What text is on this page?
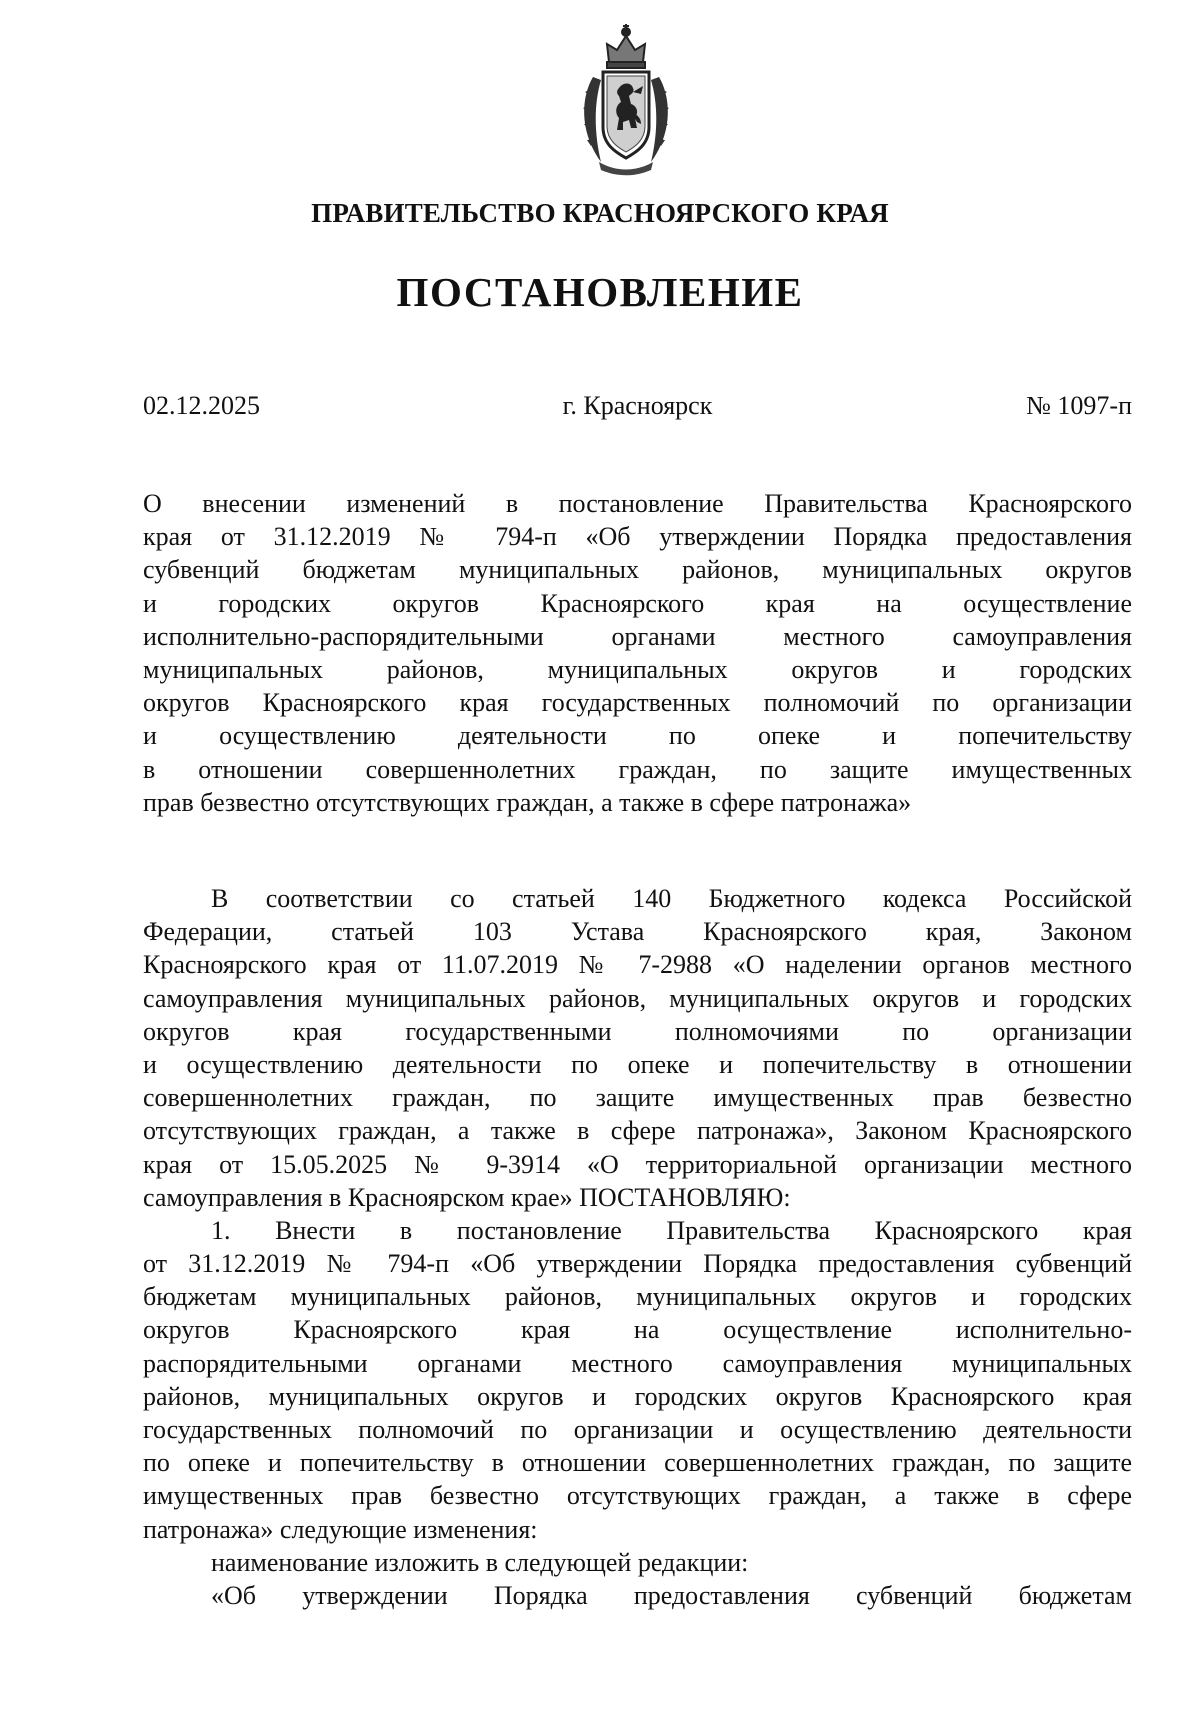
ПРАВИТЕЛЬСТВО КРАСНОЯРСКОГО КРАЯ
ПОСТАНОВЛЕНИЕ
02.12.2025	г. Красноярск	№ 1097-п
О внесении изменений в постановление Правительства Красноярского
края от 31.12.2019 № 794-п «Об утверждении Порядка предоставления
субвенций бюджетам муниципальных районов, муниципальных округов
и городских округов Красноярского края на осуществление
исполнительно-распорядительными органами местного самоуправления
муниципальных районов, муниципальных округов и городских
округов Красноярского края государственных полномочий по организации
и осуществлению деятельности по опеке и попечительству
в отношении совершеннолетних граждан, по защите имущественных
прав безвестно отсутствующих граждан, а также в сфере патронажа»
В соответствии со статьей 140 Бюджетного кодекса Российской
Федерации, статьей 103 Устава Красноярского края, Законом
Красноярского края от 11.07.2019 № 7-2988 «О наделении органов местного
самоуправления муниципальных районов, муниципальных округов и городских
округов края государственными полномочиями по организации
и осуществлению деятельности по опеке и попечительству в отношении
совершеннолетних граждан, по защите имущественных прав безвестно
отсутствующих граждан, а также в сфере патронажа», Законом Красноярского
края от 15.05.2025 № 9-3914 «О территориальной организации местного
самоуправления в Красноярском крае» ПОСТАНОВЛЯЮ:
1. Внести в постановление Правительства Красноярского края
от 31.12.2019 № 794-п «Об утверждении Порядка предоставления субвенций
бюджетам муниципальных районов, муниципальных округов и городских
округов Красноярского края на осуществление исполнительно-
распорядительными органами местного самоуправления муниципальных
районов, муниципальных округов и городских округов Красноярского края
государственных полномочий по организации и осуществлению деятельности
по опеке и попечительству в отношении совершеннолетних граждан, по защите
имущественных прав безвестно отсутствующих граждан, а также в сфере
патронажа» следующие изменения:
наименование изложить в следующей редакции:
«Об утверждении Порядка предоставления субвенций бюджетам
